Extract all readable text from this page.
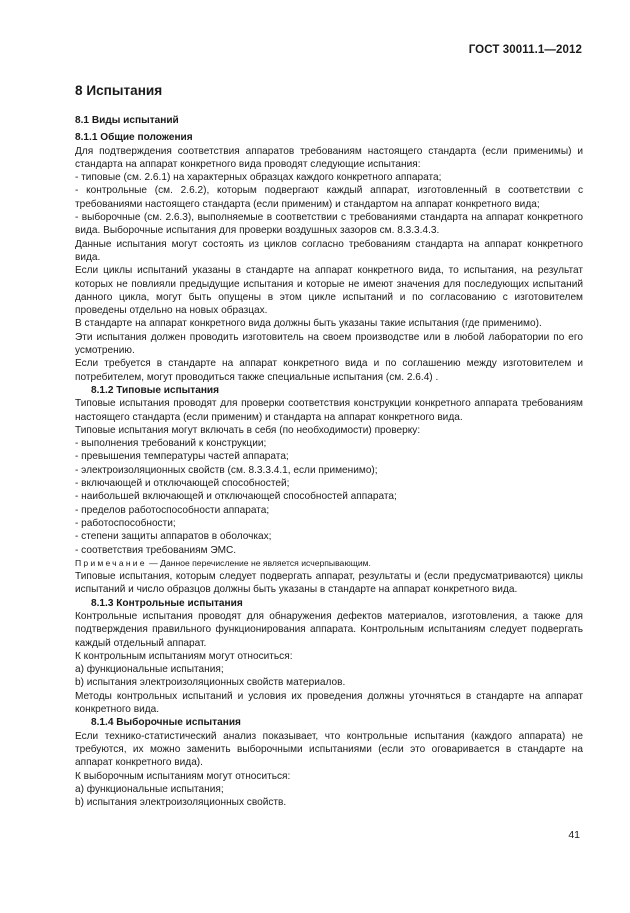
ГОСТ 30011.1—2012
8 Испытания
8.1 Виды испытаний
8.1.1 Общие положения

Для подтверждения соответствия аппаратов требованиям настоящего стандарта (если применимы) и стандарта на аппарат конкретного вида проводят следующие испытания:

- типовые (см. 2.6.1) на характерных образцах каждого конкретного аппарата;

- контрольные (см. 2.6.2), которым подвергают каждый аппарат, изготовленный в соответствии с требованиями настоящего стандарта (если применим) и стандартом на аппарат конкретного вида;

- выборочные (см. 2.6.3), выполняемые в соответствии с требованиями стандарта на аппарат конкретного вида. Выборочные испытания для проверки воздушных зазоров см. 8.3.3.4.3.

Данные испытания могут состоять из циклов согласно требованиям стандарта на аппарат конкретного вида.

Если циклы испытаний указаны в стандарте на аппарат конкретного вида, то испытания, на результат которых не повлияли предыдущие испытания и которые не имеют значения для последующих испытаний данного цикла, могут быть опущены в этом цикле испытаний и по согласованию с изготовителем проведены отдельно на новых образцах.

В стандарте на аппарат конкретного вида должны быть указаны такие испытания (где применимо).

Эти испытания должен проводить изготовитель на своем производстве или в любой лаборатории по его усмотрению.

Если требуется в стандарте на аппарат конкретного вида и по соглашению между изготовителем и потребителем, могут проводиться также специальные испытания (см. 2.6.4) .

8.1.2 Типовые испытания

Типовые испытания проводят для проверки соответствия конструкции конкретного аппарата требованиям настоящего стандарта (если применим) и стандарта на аппарат конкретного вида.

Типовые испытания могут включать в себя (по необходимости) проверку:

- выполнения требований к конструкции;

- превышения температуры частей аппарата;

- электроизоляционных свойств (см. 8.3.3.4.1, если применимо);

- включающей и отключающей способностей;

- наибольшей включающей и отключающей способностей аппарата;

- пределов работоспособности аппарата;

- работоспособности;

- степени защиты аппаратов в оболочках;

- соответствия требованиям ЭМС.

Примечание — Данное перечисление не является исчерпывающим.

Типовые испытания, которым следует подвергать аппарат, результаты и (если предусматриваются) циклы испытаний и число образцов должны быть указаны в стандарте на аппарат конкретного вида.

8.1.3 Контрольные испытания

Контрольные испытания проводят для обнаружения дефектов материалов, изготовления, а также для подтверждения правильного функционирования аппарата. Контрольным испытаниям следует подвергать каждый отдельный аппарат.

К контрольным испытаниям могут относиться:

a) функциональные испытания;

b) испытания электроизоляционных свойств материалов.

Методы контрольных испытаний и условия их проведения должны уточняться в стандарте на аппарат конкретного вида.

8.1.4 Выборочные испытания

Если технико-статистический анализ показывает, что контрольные испытания (каждого аппарата) не требуются, их можно заменить выборочными испытаниями (если это оговаривается в стандарте на аппарат конкретного вида).

К выборочным испытаниям могут относиться:

a) функциональные испытания;

b) испытания электроизоляционных свойств.

41
